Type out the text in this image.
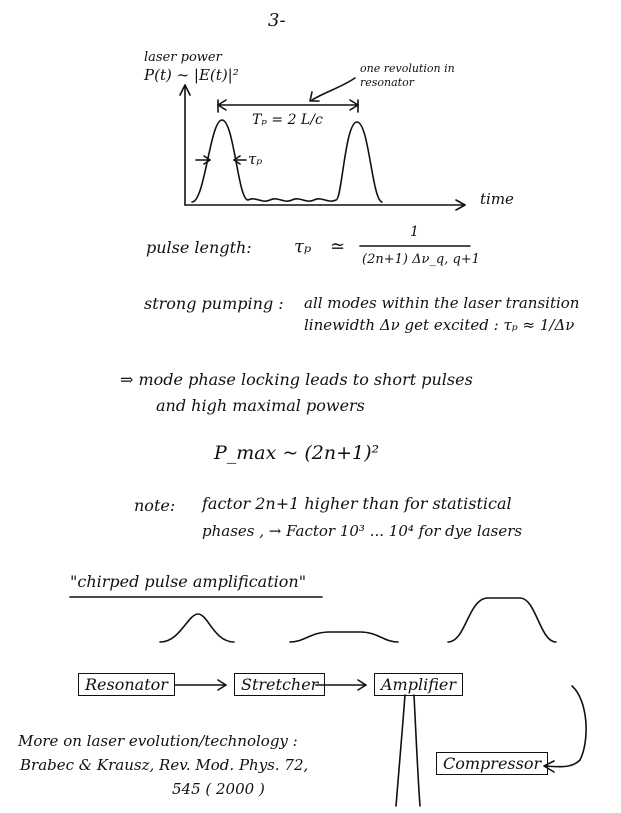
3-
laser power
P(t) ~ |E(t)|²	one revolution in resonator
Tₚ = 2 L/c
τₚ
time
pulse length: τₚ ≃
1
(2n+1) Δν_q, q+1
strong pumping : all modes within the laser transition
linewidth Δν get excited : τₚ ≈ 1/Δν
⇒ mode phase locking leads to short pulses
and high maximal powers
P_max ~ (2n+1)²
note: factor 2n+1 higher than for statistical
phases , → Factor 10³ ... 10⁴ for dye lasers
"chirped pulse amplification"
Resonator	Stretcher	Amplifier
Compressor
More on laser evolution/technology :
Brabec & Krausz, Rev. Mod. Phys. 72,
545 ( 2000 )
